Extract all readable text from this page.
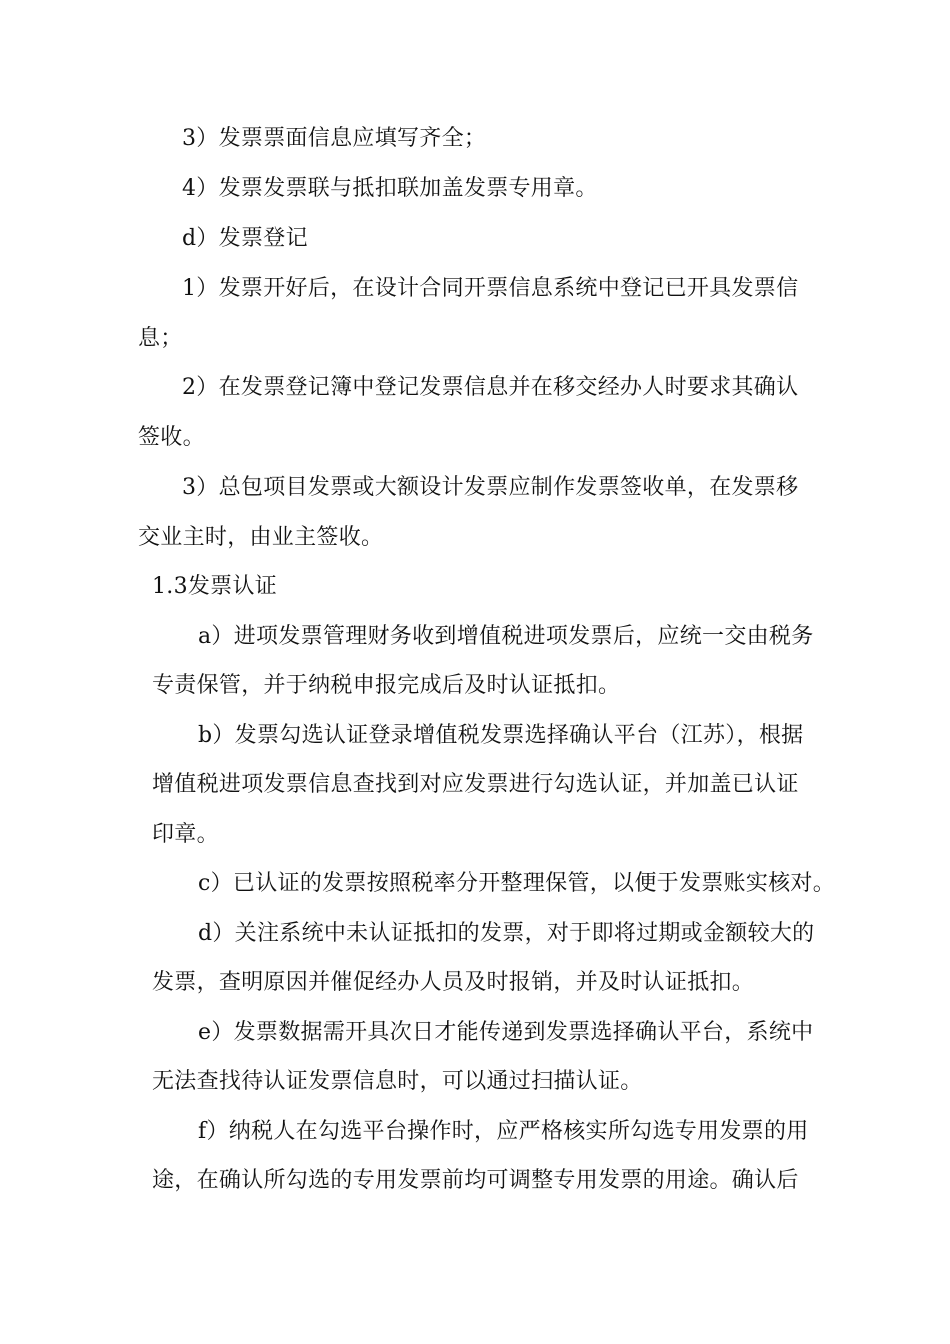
3）发票票面信息应填写齐全；
4）发票发票联与抵扣联加盖发票专用章。
d）发票登记
1）发票开好后，在设计合同开票信息系统中登记已开具发票信
息；
2）在发票登记簿中登记发票信息并在移交经办人时要求其确认
签收。
3）总包项目发票或大额设计发票应制作发票签收单，在发票移
交业主时，由业主签收。
1.3发票认证
a）进项发票管理财务收到增值税进项发票后，应统一交由税务
专责保管，并于纳税申报完成后及时认证抵扣。
b）发票勾选认证登录增值税发票选择确认平台（江苏），根据
增值税进项发票信息查找到对应发票进行勾选认证，并加盖已认证
印章。
c）已认证的发票按照税率分开整理保管，以便于发票账实核对。
d）关注系统中未认证抵扣的发票，对于即将过期或金额较大的
发票，查明原因并催促经办人员及时报销，并及时认证抵扣。
e）发票数据需开具次日才能传递到发票选择确认平台，系统中
无法查找待认证发票信息时，可以通过扫描认证。
f）纳税人在勾选平台操作时，应严格核实所勾选专用发票的用
途，在确认所勾选的专用发票前均可调整专用发票的用途。确认后
